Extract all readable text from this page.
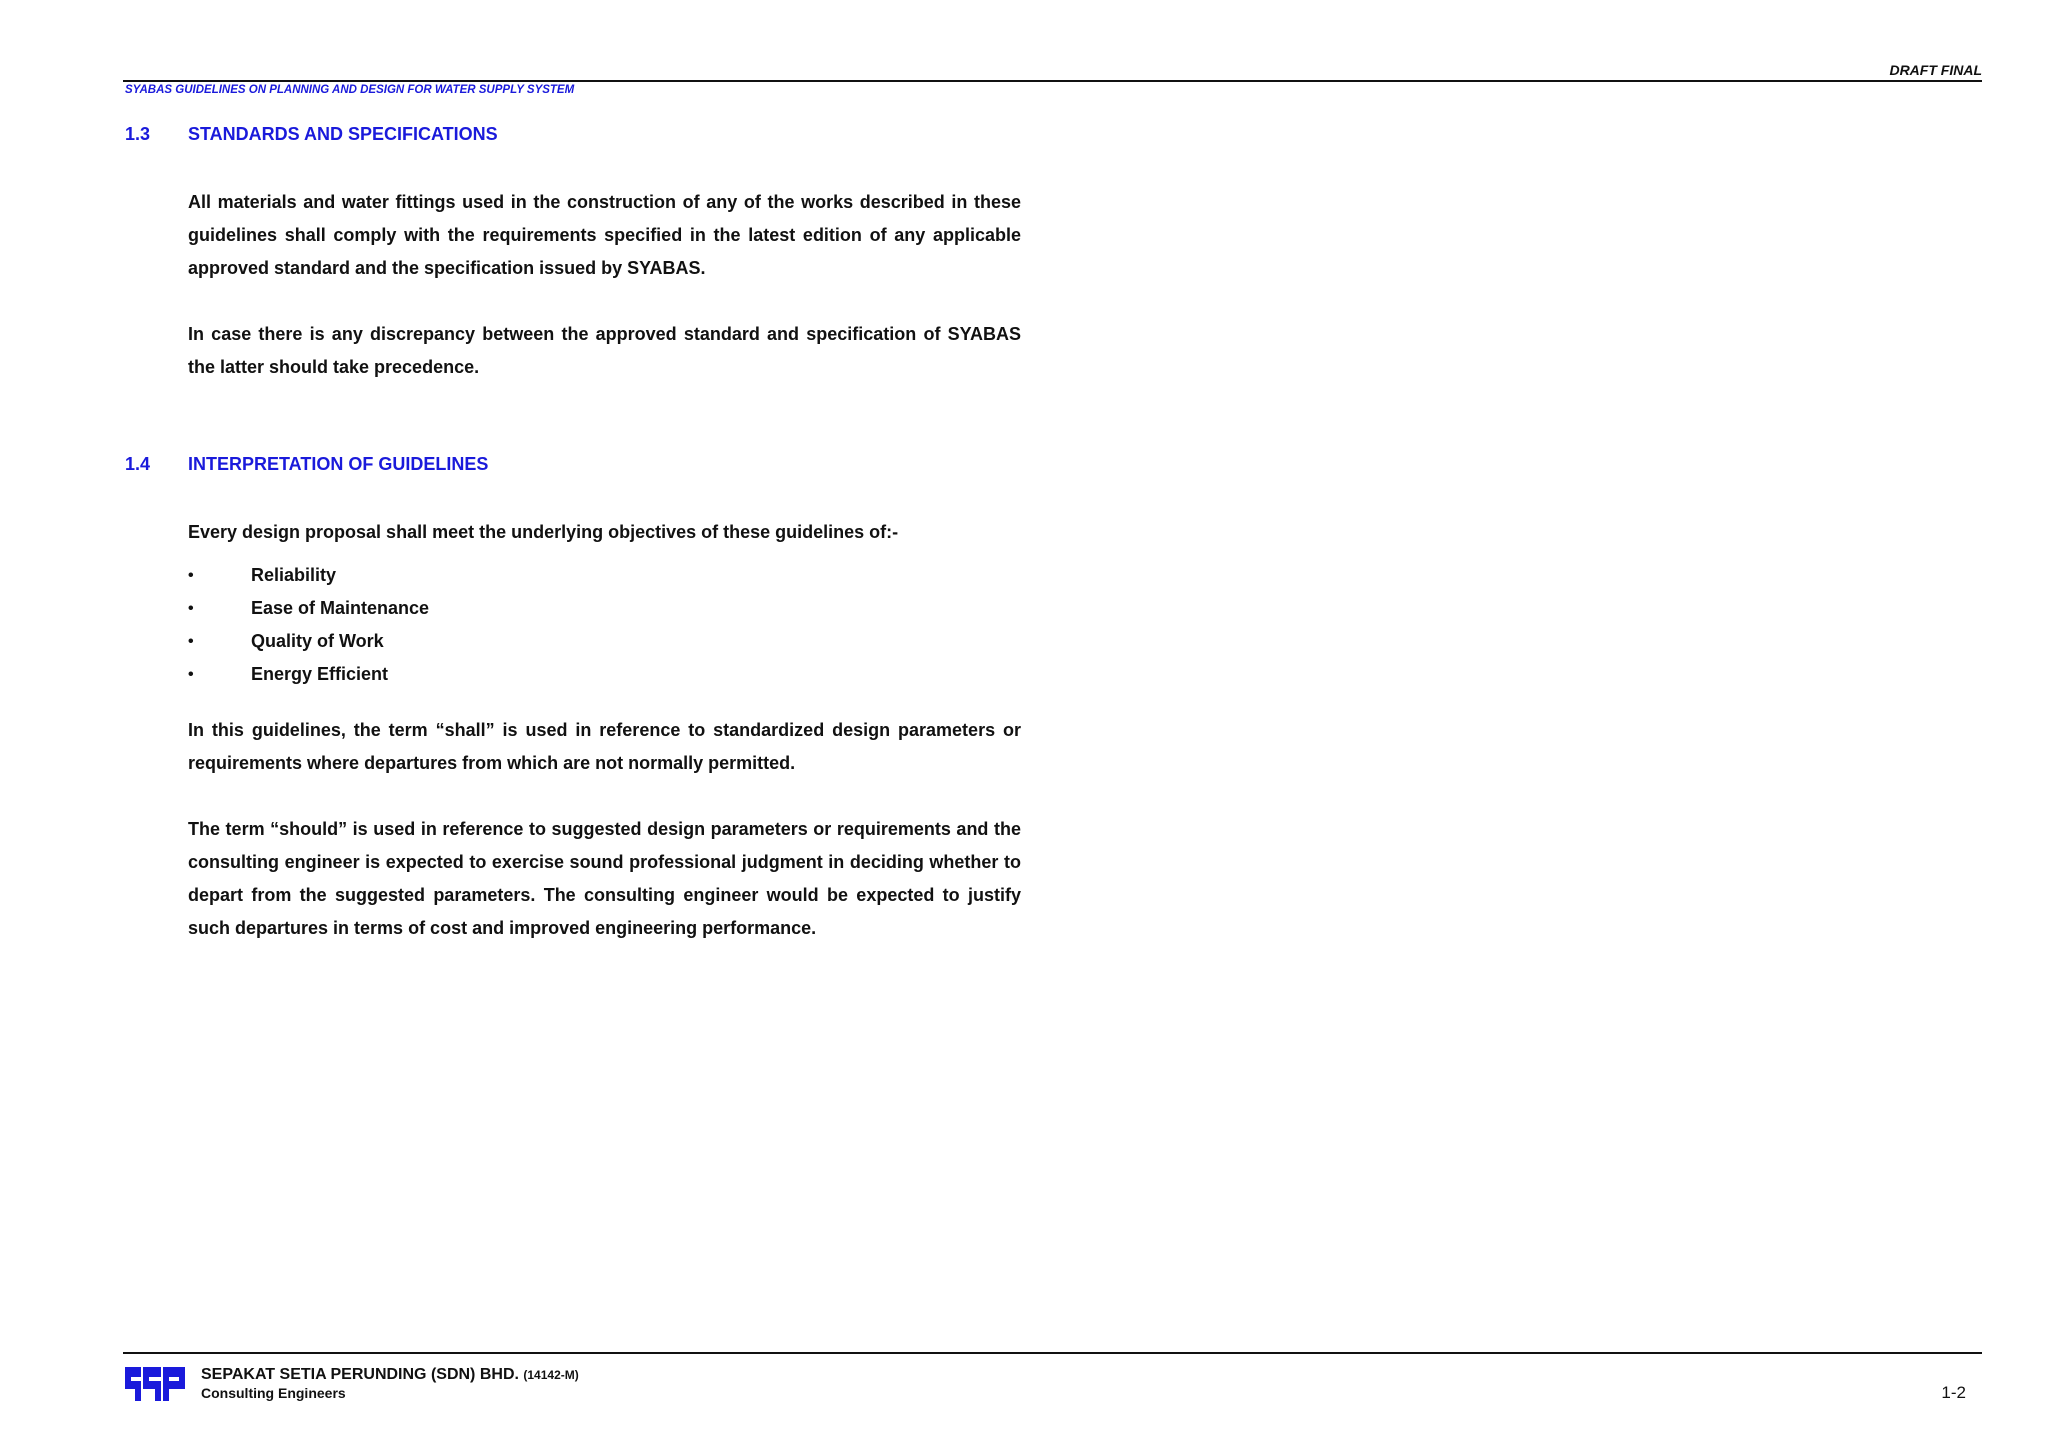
DRAFT FINAL
SYABAS GUIDELINES ON PLANNING AND DESIGN FOR WATER SUPPLY SYSTEM
1.3 STANDARDS AND SPECIFICATIONS

All materials and water fittings used in the construction of any of the works described in these guidelines shall comply with the requirements specified in the latest edition of any applicable approved standard and the specification issued by SYABAS.

In case there is any discrepancy between the approved standard and specification of SYABAS the latter should take precedence.

1.4 INTERPRETATION OF GUIDELINES

Every design proposal shall meet the underlying objectives of these guidelines of:-

•	Reliability
•	Ease of Maintenance
•	Quality of Work
•	Energy Efficient

In this guidelines, the term “shall” is used in reference to standardized design parameters or requirements where departures from which are not normally permitted.

The term “should” is used in reference to suggested design parameters or requirements and the consulting engineer is expected to exercise sound professional judgment in deciding whether to depart from the suggested parameters. The consulting engineer would be expected to justify such departures in terms of cost and improved engineering performance.

SEPAKAT SETIA PERUNDING (SDN) BHD. (14142-M)
Consulting Engineers	1-2
